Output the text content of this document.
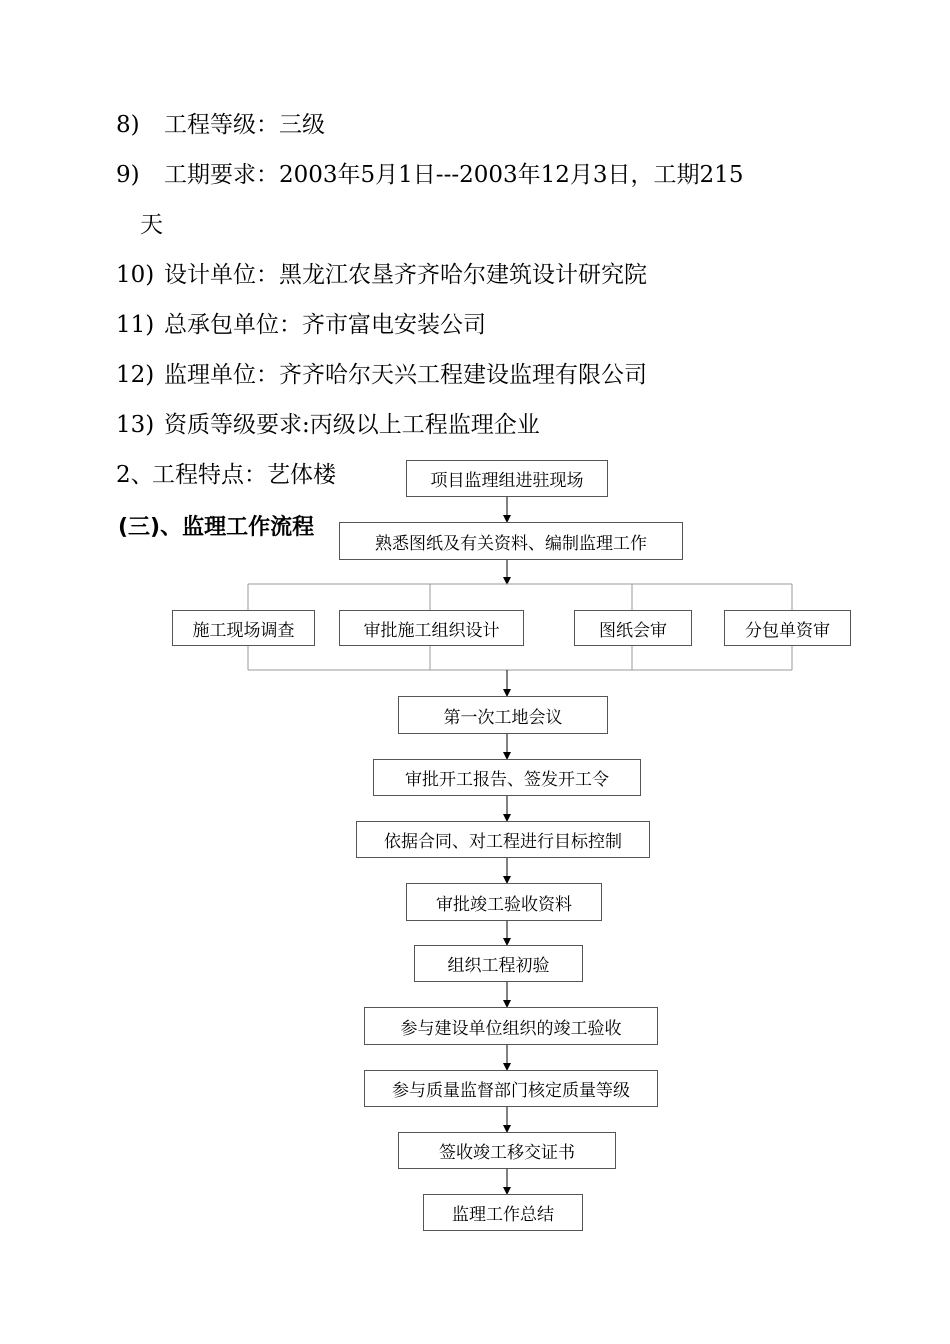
8) 工程等级：三级
9) 工期要求：2003年5月1日---2003年12月3日，工期215
天
10) 设计单位：黑龙江农垦齐齐哈尔建筑设计研究院
11) 总承包单位：齐市富电安装公司
12) 监理单位：齐齐哈尔天兴工程建设监理有限公司
13) 资质等级要求:丙级以上工程监理企业
2、工程特点：艺体楼
(三)、监理工作流程
项目监理组进驻现场
熟悉图纸及有关资料、编制监理工作
施工现场调查	审批施工组织设计	图纸会审	分包单资审
第一次工地会议
审批开工报告、签发开工令
依据合同、对工程进行目标控制
审批竣工验收资料
组织工程初验
参与建设单位组织的竣工验收
参与质量监督部门核定质量等级
签收竣工移交证书
监理工作总结
